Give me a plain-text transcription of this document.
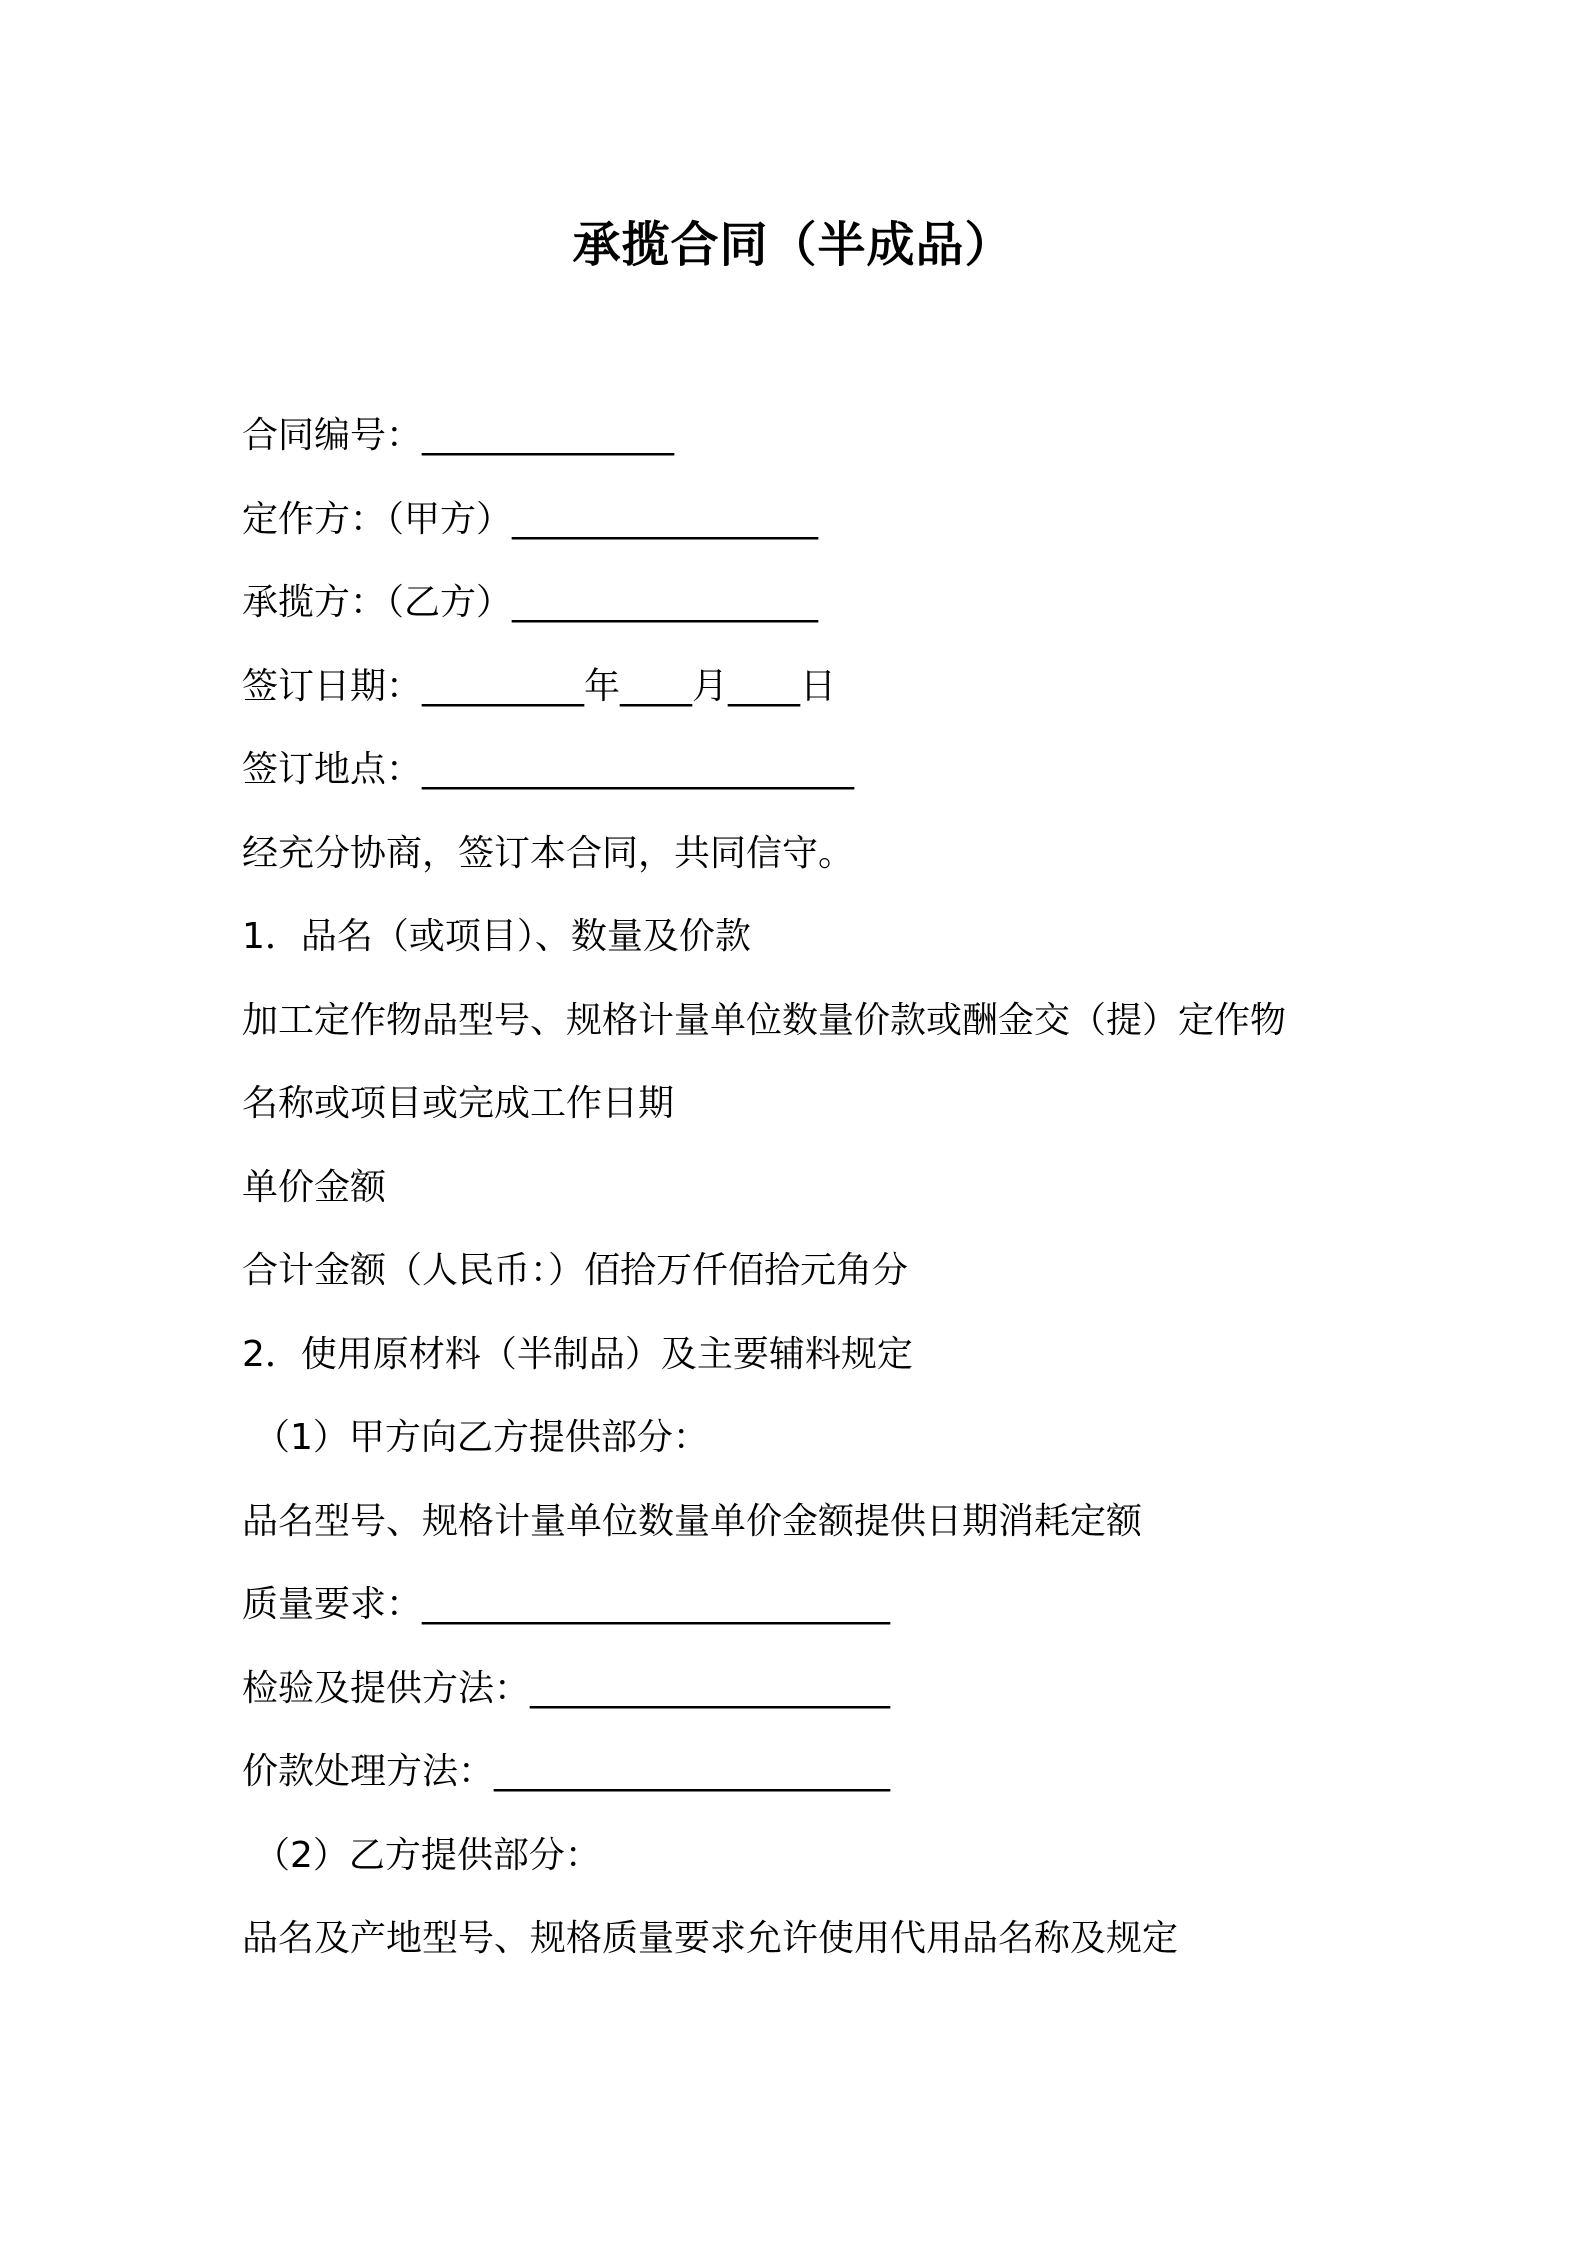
承揽合同（半成品）
合同编号：______________
定作方：（甲方）_________________
承揽方：（乙方）_________________
签订日期：_________年____月____日
签订地点：________________________
经充分协商，签订本合同，共同信守。
1．品名（或项目）、数量及价款
加工定作物品型号、规格计量单位数量价款或酬金交（提）定作物
名称或项目或完成工作日期
单价金额
合计金额（人民币：）佰拾万仟佰拾元角分
2．使用原材料（半制品）及主要辅料规定
（1）甲方向乙方提供部分：
品名型号、规格计量单位数量单价金额提供日期消耗定额
质量要求：__________________________
检验及提供方法：____________________
价款处理方法：______________________
（2）乙方提供部分：
品名及产地型号、规格质量要求允许使用代用品名称及规定
